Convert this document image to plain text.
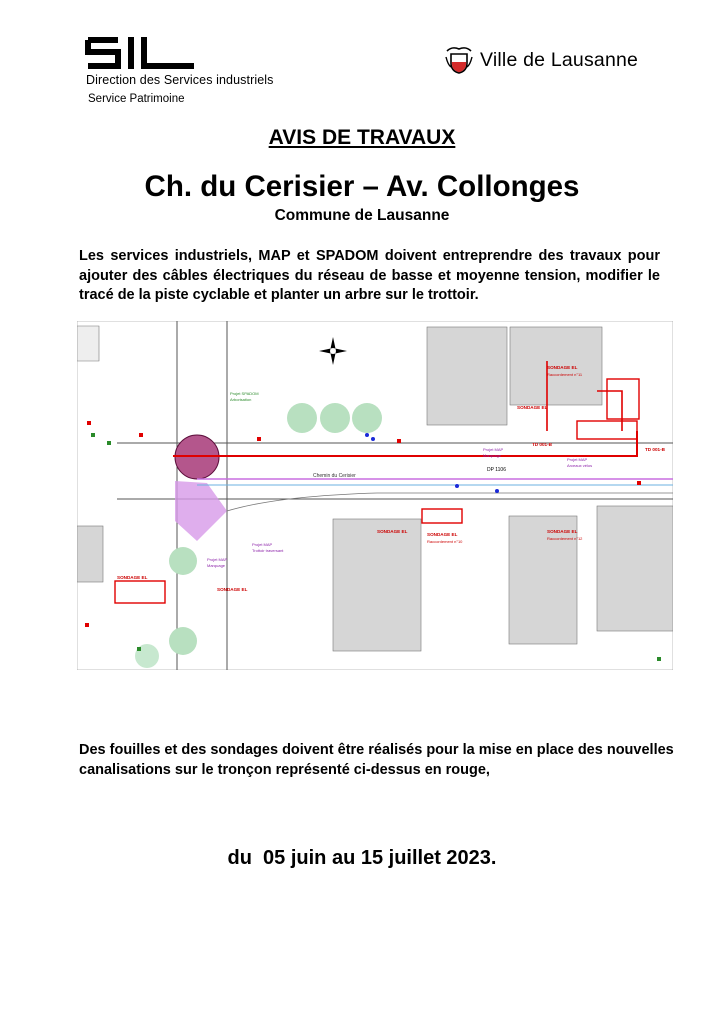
Direction des Services industriels
Service Patrimoine
Ville de Lausanne
AVIS DE TRAVAUX
Ch. du Cerisier – Av. Collonges
Commune de Lausanne
Les services industriels, MAP et SPADOM doivent entreprendre des travaux pour ajouter des câbles électriques du réseau de basse et moyenne tension, modifier le tracé de la piste cyclable et planter un arbre sur le trottoir.
Chemin du Cerisier
DP 1106
SONDAGE EL
SONDAGE EL
SONDAGE EL
Raccordement n°10
SONDAGE EL	SONDAGE EL
Raccordement n°12
SONDAGE EL
SONDAGE EL
Raccordement n°11
Projet SPADOM
Arborisation
Projet MAP
Trottoir traversant
Projet MAP
Marquage
Projet MAP
Marquage
Projet MAP
Arceaux vélos
TD 001-B
TD 001-B
Des fouilles et des sondages doivent être réalisés pour la mise en place des nouvelles canalisations sur le tronçon représenté ci-dessus en rouge,
du  05 juin au 15 juillet 2023.
